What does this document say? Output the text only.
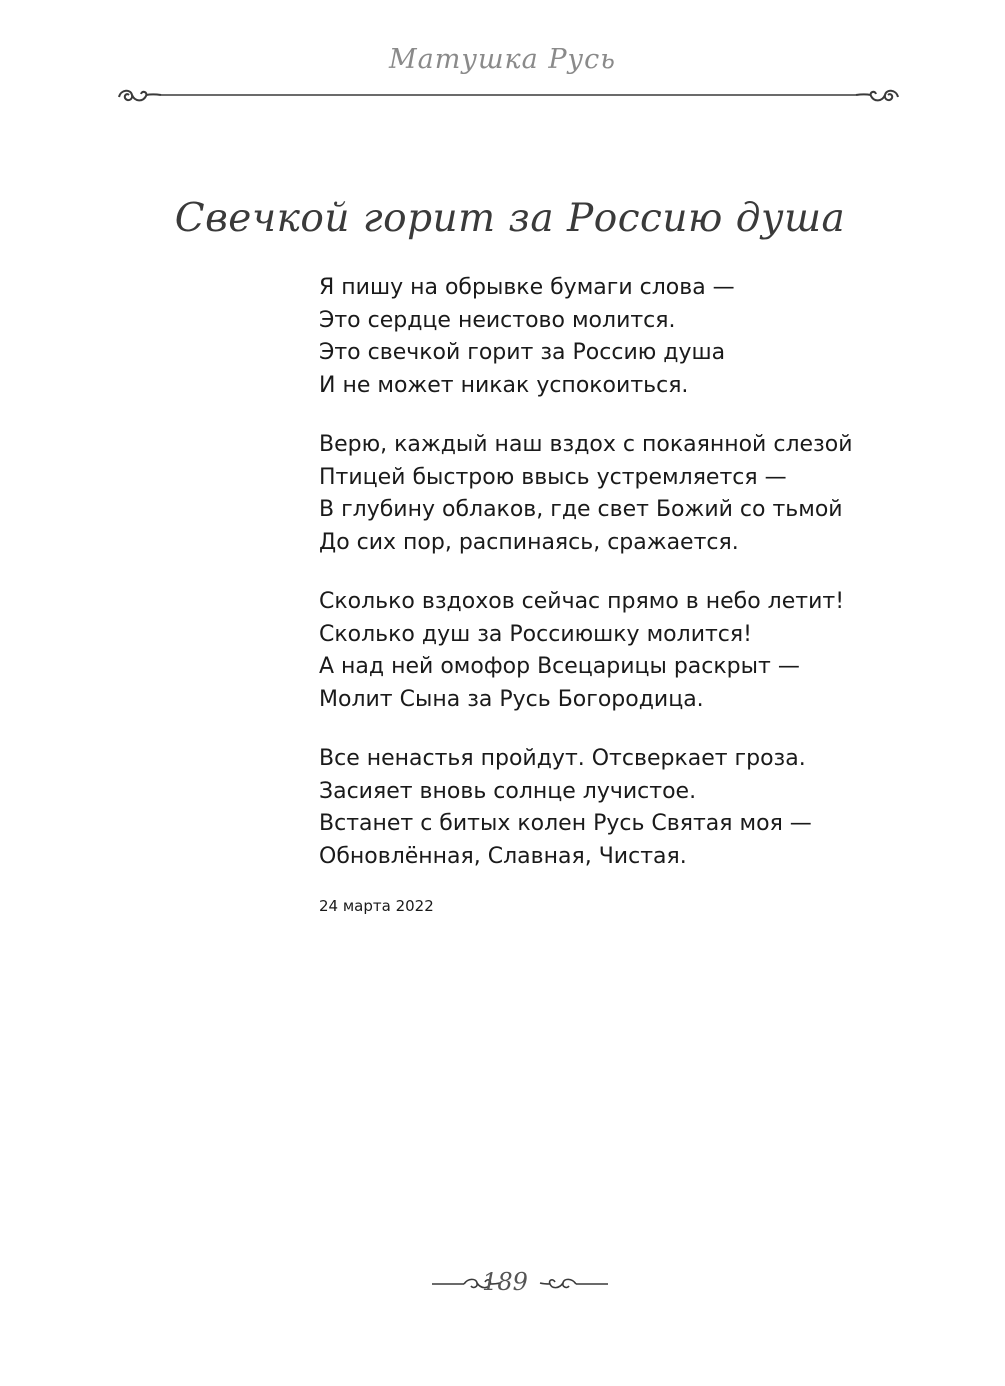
Матушка Русь
Свечкой горит за Россию душа
Я пишу на обрывке бумаги слова —
Это сердце неистово молится.
Это свечкой горит за Россию душа
И не может никак успокоиться.
Верю, каждый наш вздох с покаянной слезой
Птицей быстрою ввысь устремляется —
В глубину облаков, где свет Божий со тьмой
До сих пор, распинаясь, сражается.
Сколько вздохов сейчас прямо в небо летит!
Сколько душ за Россиюшку молится!
А над ней омофор Всецарицы раскрыт —
Молит Сына за Русь Богородица.
Все ненастья пройдут. Отсверкает гроза.
Засияет вновь солнце лучистое.
Встанет с битых колен Русь Святая моя —
Обновлённая, Славная, Чистая.
24 марта 2022
189
